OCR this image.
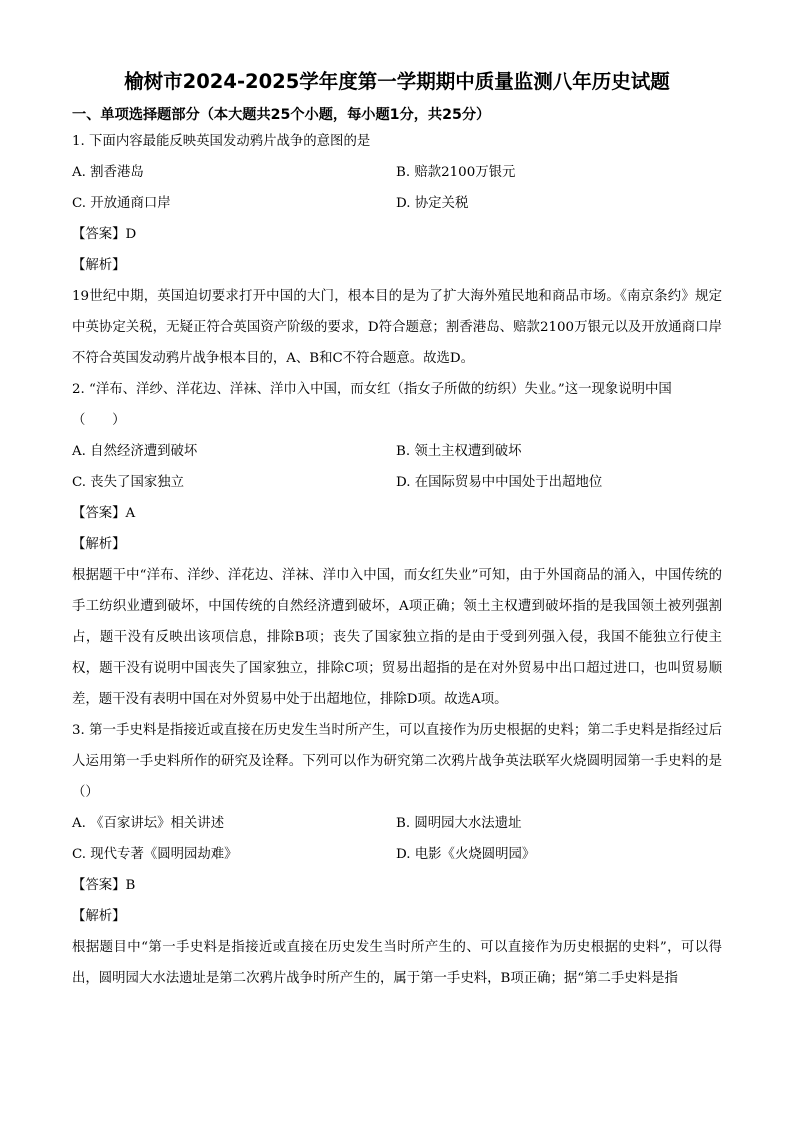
榆树市2024-2025学年度第一学期期中质量监测八年历史试题
一、单项选择题部分（本大题共25个小题，每小题1分，共25分）
1. 下面内容最能反映英国发动鸦片战争的意图的是
A. 割香港岛	B. 赔款2100万银元
C. 开放通商口岸	D. 协定关税
【答案】D
【解析】
19世纪中期，英国迫切要求打开中国的大门，根本目的是为了扩大海外殖民地和商品市场。《南京条约》规定中英协定关税，无疑正符合英国资产阶级的要求，D符合题意；割香港岛、赔款2100万银元以及开放通商口岸不符合英国发动鸦片战争根本目的，A、B和C不符合题意。故选D。
2. “洋布、洋纱、洋花边、洋袜、洋巾入中国，而女红（指女子所做的纺织）失业。”这一现象说明中国
（　　）
A. 自然经济遭到破坏	B. 领土主权遭到破坏
C. 丧失了国家独立	D. 在国际贸易中中国处于出超地位
【答案】A
【解析】
根据题干中“洋布、洋纱、洋花边、洋袜、洋巾入中国，而女红失业”可知，由于外国商品的涌入，中国传统的手工纺织业遭到破坏，中国传统的自然经济遭到破坏，A项正确；领土主权遭到破坏指的是我国领土被列强割占，题干没有反映出该项信息，排除B项；丧失了国家独立指的是由于受到列强入侵，我国不能独立行使主权，题干没有说明中国丧失了国家独立，排除C项；贸易出超指的是在对外贸易中出口超过进口，也叫贸易顺差，题干没有表明中国在对外贸易中处于出超地位，排除D项。故选A项。
3. 第一手史料是指接近或直接在历史发生当时所产生，可以直接作为历史根据的史料；第二手史料是指经过后人运用第一手史料所作的研究及诠释。下列可以作为研究第二次鸦片战争英法联军火烧圆明园第一手史料的是（）
A. 《百家讲坛》相关讲述	B. 圆明园大水法遗址
C. 现代专著《圆明园劫难》	D. 电影《火烧圆明园》
【答案】B
【解析】
根据题目中“第一手史料是指接近或直接在历史发生当时所产生的、可以直接作为历史根据的史料”，可以得出，圆明园大水法遗址是第二次鸦片战争时所产生的，属于第一手史料，B项正确；据“第二手史料是指
